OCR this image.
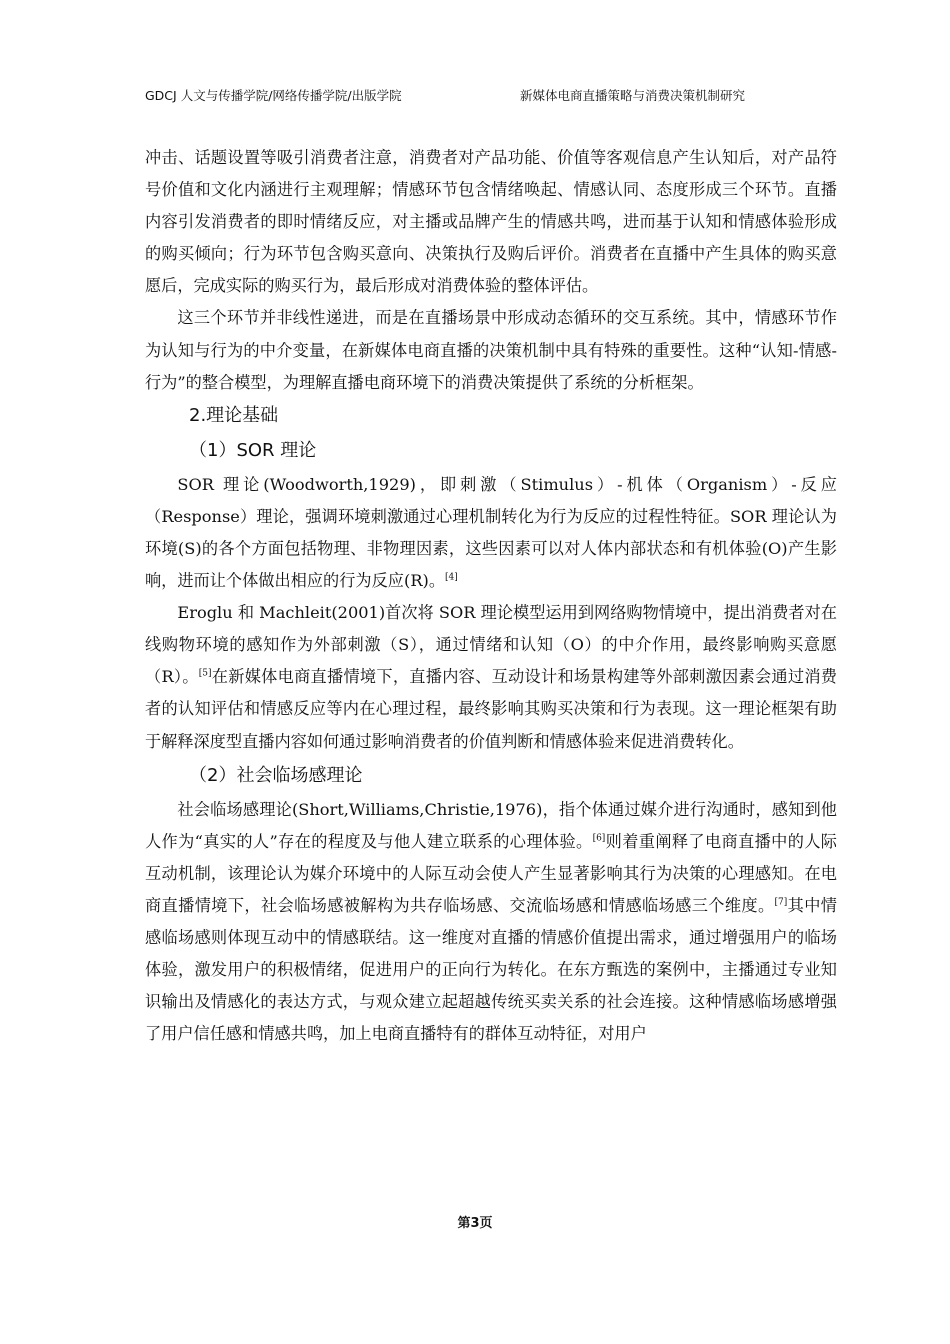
GDCJ 人文与传播学院/网络传播学院/出版学院	新媒体电商直播策略与消费决策机制研究

冲击、话题设置等吸引消费者注意，消费者对产品功能、价值等客观信息产生认知后，对产品符号价值和文化内涵进行主观理解；情感环节包含情绪唤起、情感认同、态度形成三个环节。直播内容引发消费者的即时情绪反应，对主播或品牌产生的情感共鸣，进而基于认知和情感体验形成的购买倾向；行为环节包含购买意向、决策执行及购后评价。消费者在直播中产生具体的购买意愿后，完成实际的购买行为，最后形成对消费体验的整体评估。

这三个环节并非线性递进，而是在直播场景中形成动态循环的交互系统。其中，情感环节作为认知与行为的中介变量，在新媒体电商直播的决策机制中具有特殊的重要性。这种“认知-情感-行为”的整合模型，为理解直播电商环境下的消费决策提供了系统的分析框架。

2.理论基础
（1）SOR 理论

SOR 理论(Woodworth,1929)，即刺激（Stimulus）-机体（Organism）-反应（Response）理论，强调环境刺激通过心理机制转化为行为反应的过程性特征。SOR 理论认为环境(S)的各个方面包括物理、非物理因素，这些因素可以对人体内部状态和有机体验(O)产生影响，进而让个体做出相应的行为反应(R)。[4]

Eroglu 和 Machleit(2001)首次将 SOR 理论模型运用到网络购物情境中，提出消费者对在线购物环境的感知作为外部刺激（S），通过情绪和认知（O）的中介作用，最终影响购买意愿（R）。[5]在新媒体电商直播情境下，直播内容、互动设计和场景构建等外部刺激因素会通过消费者的认知评估和情感反应等内在心理过程，最终影响其购买决策和行为表现。这一理论框架有助于解释深度型直播内容如何通过影响消费者的价值判断和情感体验来促进消费转化。

（2）社会临场感理论

社会临场感理论(Short,Williams,Christie,1976)，指个体通过媒介进行沟通时，感知到他人作为“真实的人”存在的程度及与他人建立联系的心理体验。[6]则着重阐释了电商直播中的人际互动机制，该理论认为媒介环境中的人际互动会使人产生显著影响其行为决策的心理感知。在电商直播情境下，社会临场感被解构为共存临场感、交流临场感和情感临场感三个维度。[7]其中情感临场感则体现互动中的情感联结。这一维度对直播的情感价值提出需求，通过增强用户的临场体验，激发用户的积极情绪，促进用户的正向行为转化。在东方甄选的案例中，主播通过专业知识输出及情感化的表达方式，与观众建立起超越传统买卖关系的社会连接。这种情感临场感增强了用户信任感和情感共鸣，加上电商直播特有的群体互动特征，对用户

第3页
